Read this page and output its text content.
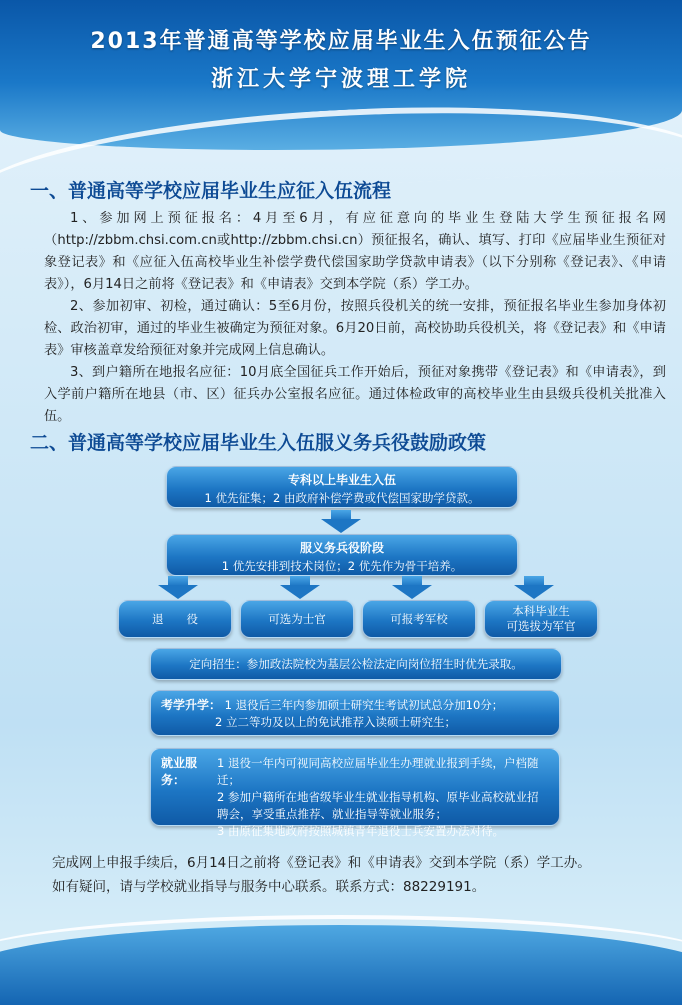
2013年普通高等学校应届毕业生入伍预征公告
浙江大学宁波理工学院
一、普通高等学校应届毕业生应征入伍流程
1、参加网上预征报名：4月至6月，有应征意向的毕业生登陆大学生预征报名网（http://zbbm.chsi.com.cn或http://zbbm.chsi.cn）预征报名，确认、填写、打印《应届毕业生预征对象登记表》和《应征入伍高校毕业生补偿学费代偿国家助学贷款申请表》（以下分别称《登记表》、《申请表》），6月14日之前将《登记表》和《申请表》交到本学院（系）学工办。
2、参加初审、初检，通过确认：5至6月份，按照兵役机关的统一安排，预征报名毕业生参加身体初检、政治初审，通过的毕业生被确定为预征对象。6月20日前，高校协助兵役机关，将《登记表》和《申请表》审核盖章发给预征对象并完成网上信息确认。
3、到户籍所在地报名应征：10月底全国征兵工作开始后，预征对象携带《登记表》和《申请表》，到入学前户籍所在地县（市、区）征兵办公室报名应征。通过体检政审的高校毕业生由县级兵役机关批准入伍。
二、普通高等学校应届毕业生入伍服义务兵役鼓励政策
专科以上毕业生入伍
1 优先征集；2 由政府补偿学费或代偿国家助学贷款。
服义务兵役阶段
1 优先安排到技术岗位；2 优先作为骨干培养。
退　　役	可选为士官	可报考军校
本科毕业生
可选拔为军官
定向招生：参加政法院校为基层公检法定向岗位招生时优先录取。
考学升学： 1 退役后三年内参加硕士研究生考试初试总分加10分；
2 立二等功及以上的免试推荐入读硕士研究生；
就业服务：
1 退役一年内可视同高校应届毕业生办理就业报到手续，户档随迁；
2 参加户籍所在地省级毕业生就业指导机构、原毕业高校就业招聘会，享受重点推荐、就业指导等就业服务；
3 由原征集地政府按照城镇青年退役士兵安置办法对待。
完成网上申报手续后，6月14日之前将《登记表》和《申请表》交到本学院（系）学工办。
如有疑问，请与学校就业指导与服务中心联系。联系方式：88229191。
